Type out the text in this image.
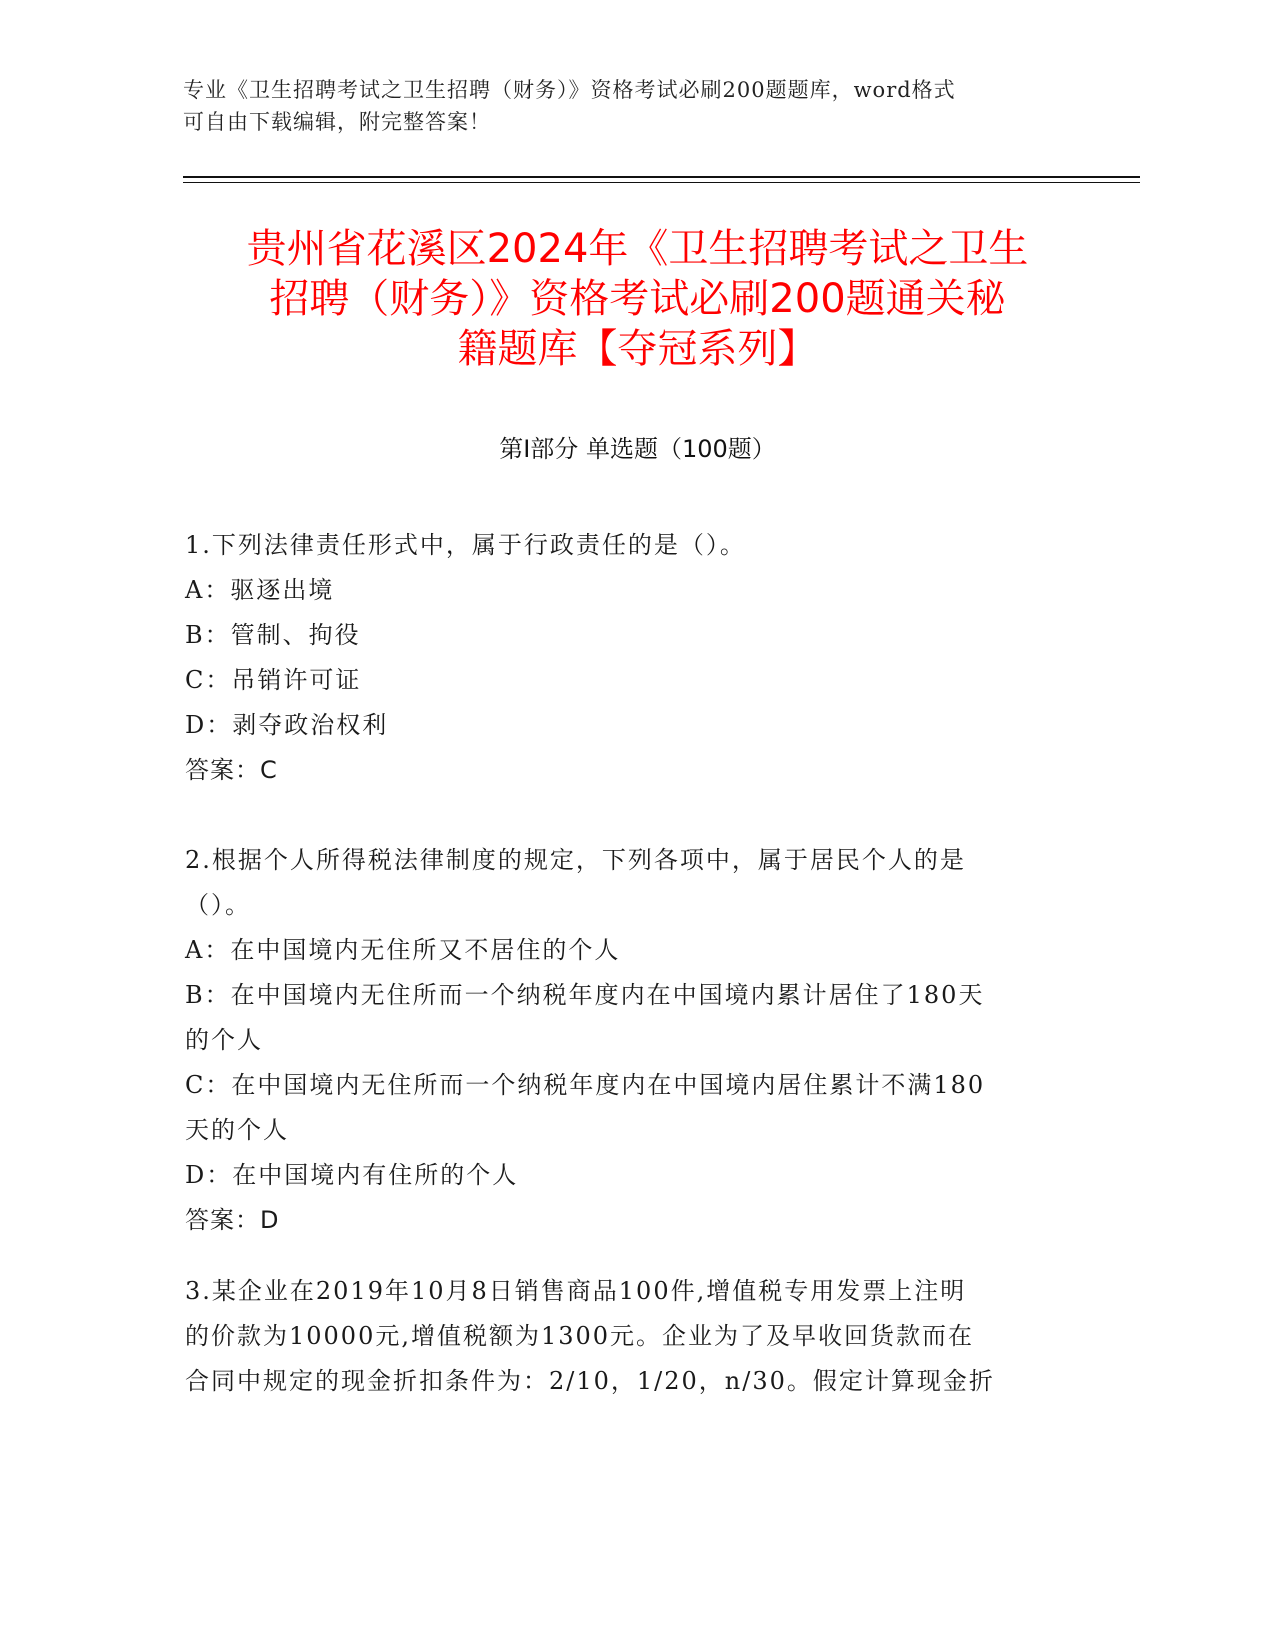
专业《卫生招聘考试之卫生招聘（财务）》资格考试必刷200题题库，word格式
可自由下载编辑，附完整答案！
贵州省花溪区2024年《卫生招聘考试之卫生
招聘（财务）》资格考试必刷200题通关秘
籍题库【夺冠系列】
第Ⅰ部分 单选题（100题）
1.下列法律责任形式中，属于行政责任的是（）。
A：驱逐出境
B：管制、拘役
C：吊销许可证
D：剥夺政治权利
答案：C
2.根据个人所得税法律制度的规定，下列各项中，属于居民个人的是
（）。
A：在中国境内无住所又不居住的个人
B：在中国境内无住所而一个纳税年度内在中国境内累计居住了180天
的个人
C：在中国境内无住所而一个纳税年度内在中国境内居住累计不满180
天的个人
D：在中国境内有住所的个人
答案：D
3.某企业在2019年10月8日销售商品100件,增值税专用发票上注明
的价款为10000元,增值税额为1300元。企业为了及早收回货款而在
合同中规定的现金折扣条件为：2/10，1/20，n/30。假定计算现金折
